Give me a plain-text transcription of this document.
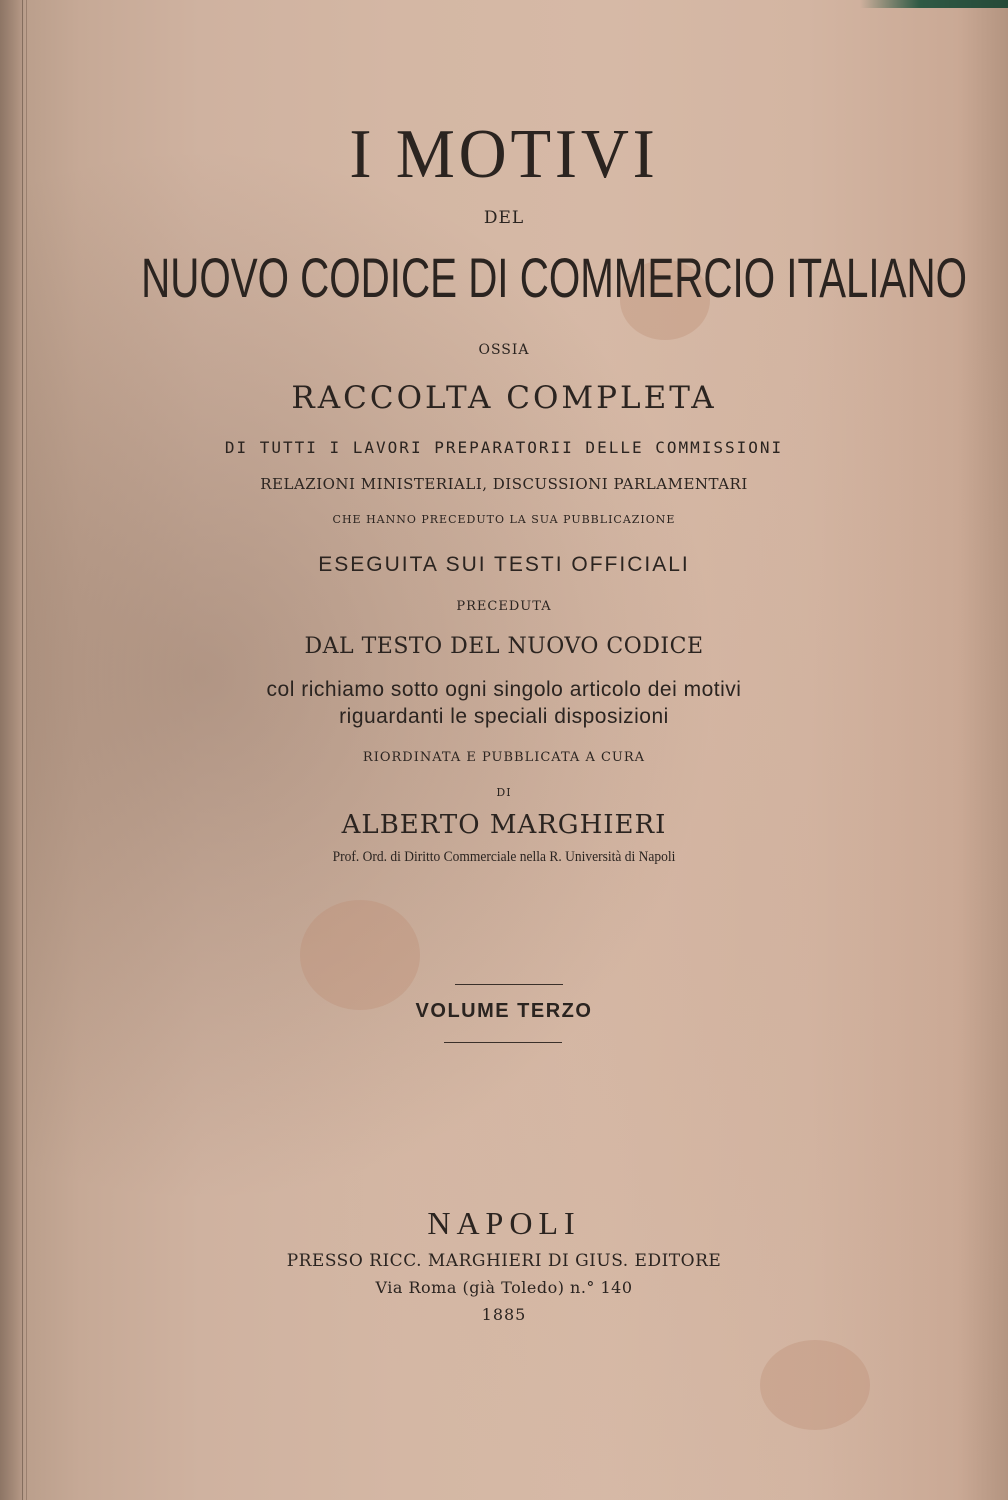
I MOTIVI
DEL
NUOVO CODICE DI COMMERCIO ITALIANO
OSSIA
RACCOLTA COMPLETA
DI TUTTI I LAVORI PREPARATORII DELLE COMMISSIONI
RELAZIONI MINISTERIALI, DISCUSSIONI PARLAMENTARI
CHE HANNO PRECEDUTO LA SUA PUBBLICAZIONE
ESEGUITA SUI TESTI OFFICIALI
PRECEDUTA
DAL TESTO DEL NUOVO CODICE
col richiamo sotto ogni singolo articolo dei motivi
riguardanti le speciali disposizioni
RIORDINATA E PUBBLICATA A CURA
DI
ALBERTO MARGHIERI
Prof. Ord. di Diritto Commerciale nella R. Università di Napoli
VOLUME TERZO
NAPOLI
PRESSO RICC. MARGHIERI DI GIUS. EDITORE
Via Roma (già Toledo) n.° 140
1885
